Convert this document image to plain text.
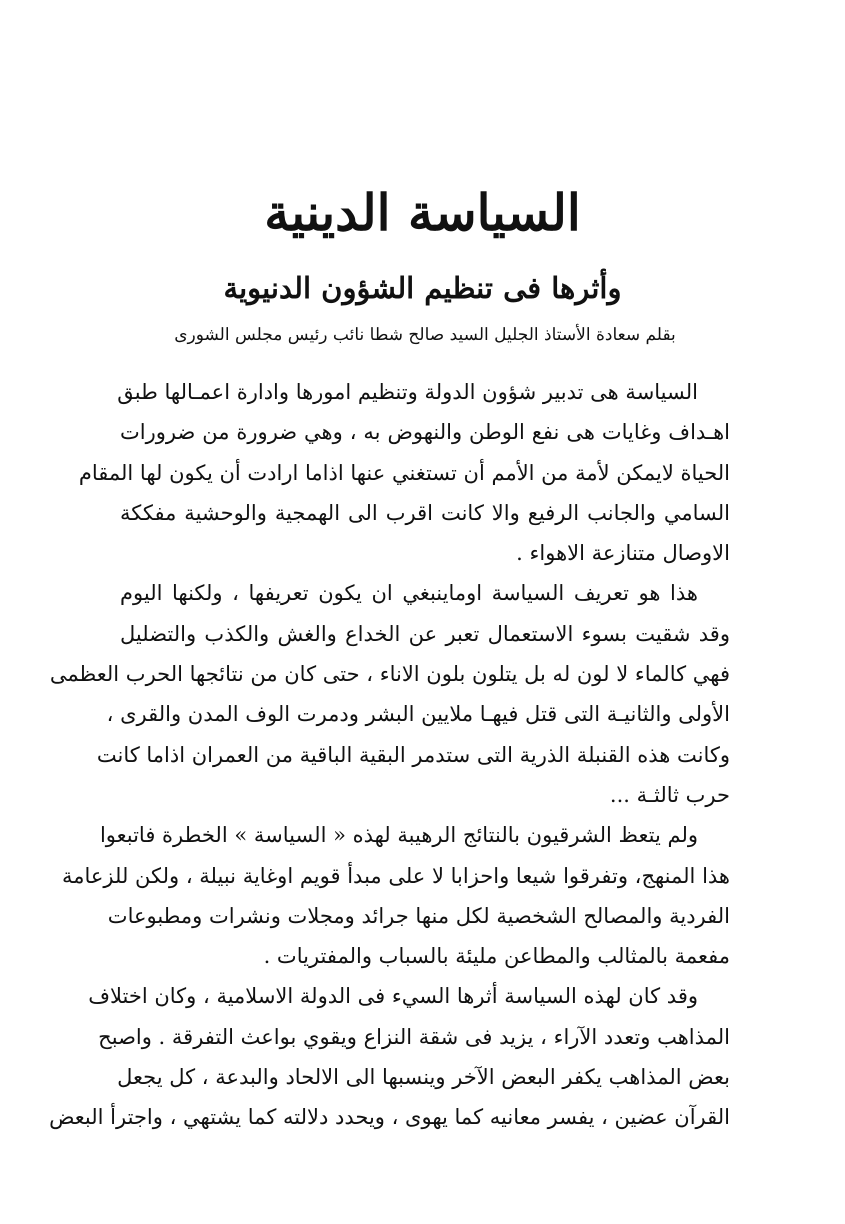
السياسة الدينية
وأثرها فى تنظيم الشؤون الدنيوية
بقلم سعادة الأستاذ الجليل السيد صالح شطا نائب رئيس مجلس الشورى
السياسة هى تدبير شؤون الدولة وتنظيم امورها وادارة اعمـالها طبق
اهـداف وغايات هى نفع الوطن والنهوض به ، وهي ضرورة من ضرورات
الحياة لايمكن لأمة من الأمم أن تستغني عنها اذاما ارادت أن يكون لها المقام
السامي والجانب الرفيع والا كانت اقرب الى الهمجية والوحشية مفككة
الاوصال متنازعة الاهواء .
هذا هو تعريف السياسة اوماينبغي ان يكون تعريفها ، ولكنها اليوم
وقد شقيت بسوء الاستعمال تعبر عن الخداع والغش والكذب والتضليل
فهي كالماء لا لون له بل يتلون بلون الاناء ، حتى كان من نتائجها الحرب العظمى
الأولى والثانيـة التى قتل فيهـا ملايين البشر ودمرت الوف المدن والقرى ،
وكانت هذه القنبلة الذرية التى ستدمر البقية الباقية من العمران اذاما كانت
حرب ثالثـة ...
ولم يتعظ الشرقيون بالنتائج الرهيبة لهذه « السياسة » الخطرة فاتبعوا
هذا المنهج، وتفرقوا شيعا واحزابا لا على مبدأ قويم اوغاية نبيلة ، ولكن للزعامة
الفردية والمصالح الشخصية لكل منها جرائد ومجلات ونشرات ومطبوعات
مفعمة بالمثالب والمطاعن مليئة بالسباب والمفتريات .
وقد كان لهذه السياسة أثرها السيء فى الدولة الاسلامية ، وكان اختلاف
المذاهب وتعدد الآراء ، يزيد فى شقة النزاع ويقوي بواعث التفرقة . واصبح
بعض المذاهب يكفر البعض الآخر وينسبها الى الالحاد والبدعة ، كل يجعل
القرآن عضين ، يفسر معانيه كما يهوى ، ويحدد دلالته كما يشتهي ، واجترأ البعض
